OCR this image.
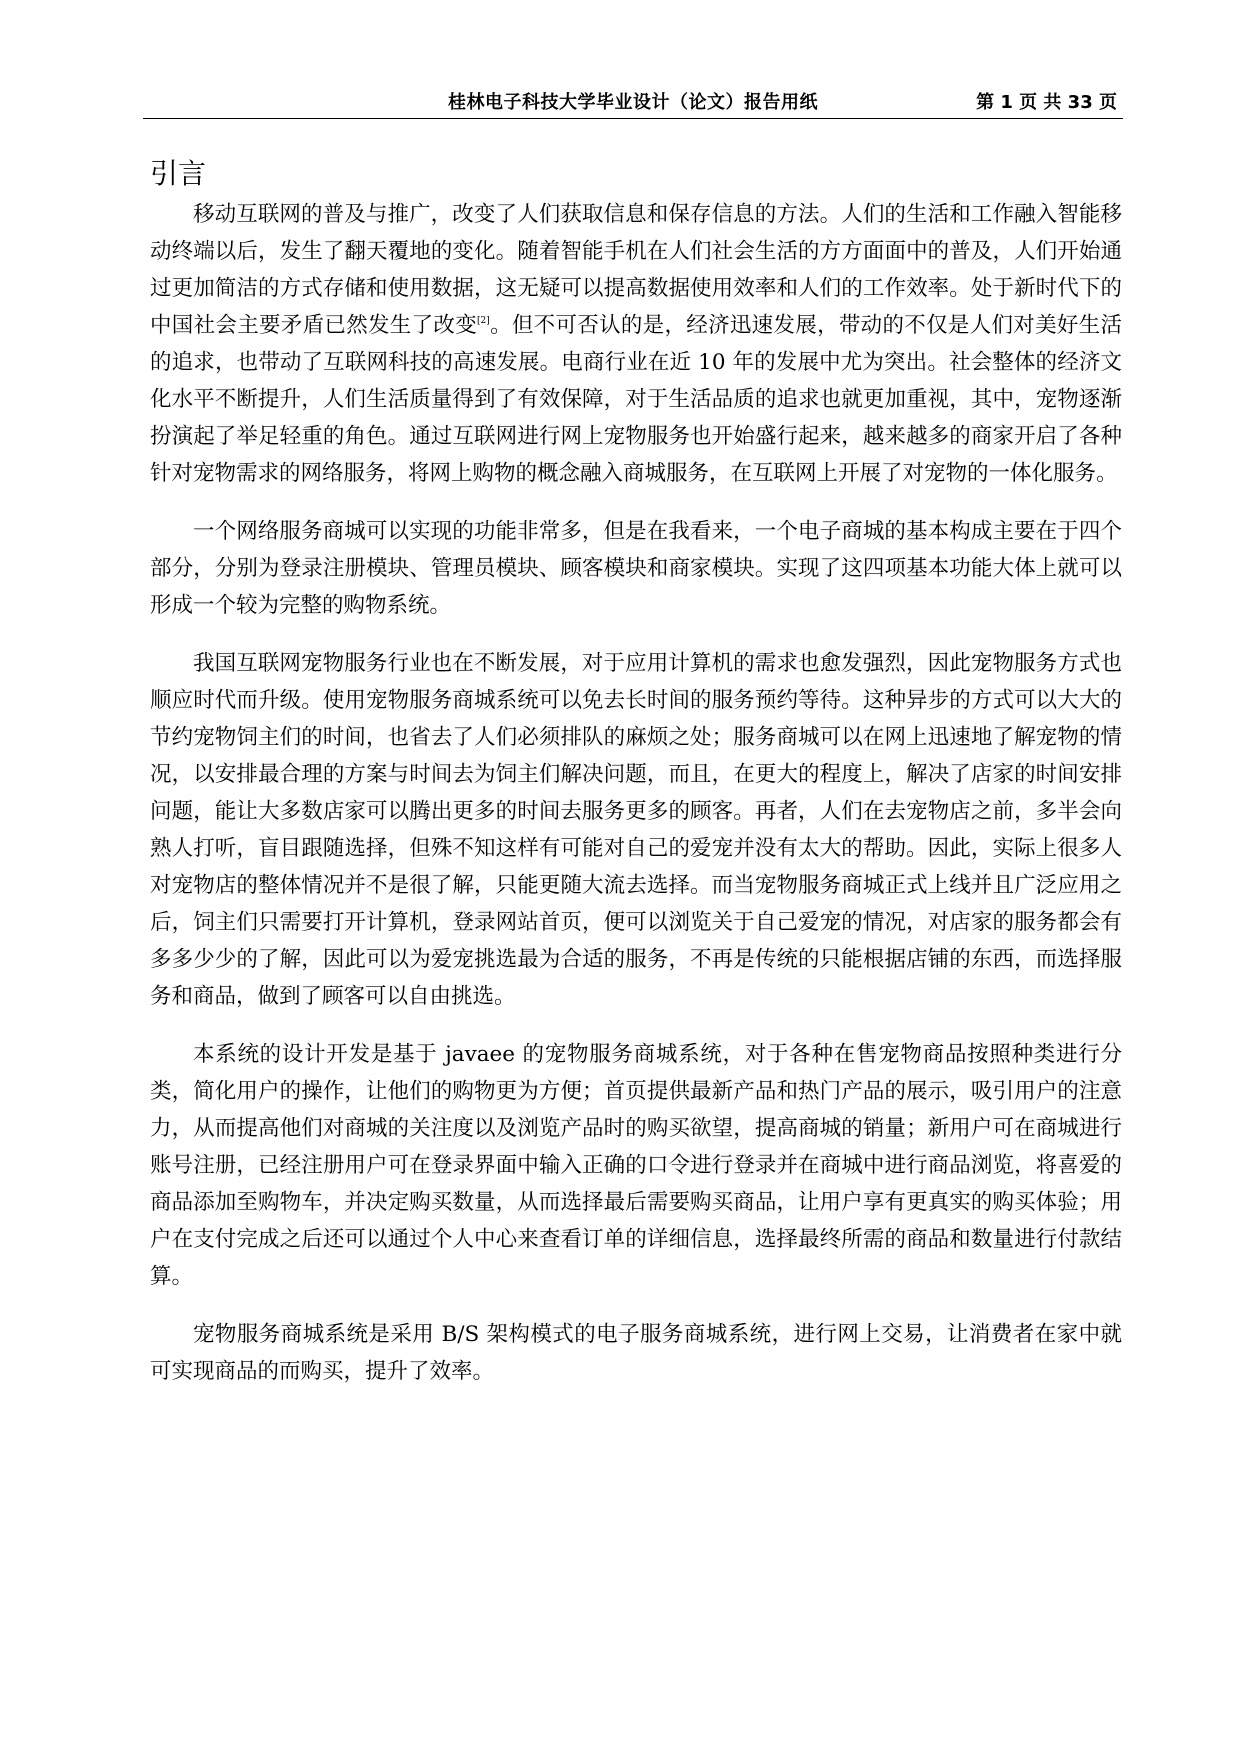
桂林电子科技大学毕业设计（论文）报告用纸	第 1 页 共 33 页
引言

移动互联网的普及与推广，改变了人们获取信息和保存信息的方法。人们的生活和工作融入智能移动终端以后，发生了翻天覆地的变化。随着智能手机在人们社会生活的方方面面中的普及，人们开始通过更加简洁的方式存储和使用数据，这无疑可以提高数据使用效率和人们的工作效率。处于新时代下的中国社会主要矛盾已然发生了改变[2]。但不可否认的是，经济迅速发展，带动的不仅是人们对美好生活的追求，也带动了互联网科技的高速发展。电商行业在近 10 年的发展中尤为突出。社会整体的经济文化水平不断提升，人们生活质量得到了有效保障，对于生活品质的追求也就更加重视，其中，宠物逐渐扮演起了举足轻重的角色。通过互联网进行网上宠物服务也开始盛行起来，越来越多的商家开启了各种针对宠物需求的网络服务，将网上购物的概念融入商城服务，在互联网上开展了对宠物的一体化服务。

一个网络服务商城可以实现的功能非常多，但是在我看来，一个电子商城的基本构成主要在于四个部分，分别为登录注册模块、管理员模块、顾客模块和商家模块。实现了这四项基本功能大体上就可以形成一个较为完整的购物系统。

我国互联网宠物服务行业也在不断发展，对于应用计算机的需求也愈发强烈，因此宠物服务方式也顺应时代而升级。使用宠物服务商城系统可以免去长时间的服务预约等待。这种异步的方式可以大大的节约宠物饲主们的时间，也省去了人们必须排队的麻烦之处；服务商城可以在网上迅速地了解宠物的情况，以安排最合理的方案与时间去为饲主们解决问题，而且，在更大的程度上，解决了店家的时间安排问题，能让大多数店家可以腾出更多的时间去服务更多的顾客。再者，人们在去宠物店之前，多半会向熟人打听，盲目跟随选择，但殊不知这样有可能对自己的爱宠并没有太大的帮助。因此，实际上很多人对宠物店的整体情况并不是很了解，只能更随大流去选择。而当宠物服务商城正式上线并且广泛应用之后，饲主们只需要打开计算机，登录网站首页，便可以浏览关于自己爱宠的情况，对店家的服务都会有多多少少的了解，因此可以为爱宠挑选最为合适的服务，不再是传统的只能根据店铺的东西，而选择服务和商品，做到了顾客可以自由挑选。

本系统的设计开发是基于 javaee 的宠物服务商城系统，对于各种在售宠物商品按照种类进行分类，简化用户的操作，让他们的购物更为方便；首页提供最新产品和热门产品的展示，吸引用户的注意力，从而提高他们对商城的关注度以及浏览产品时的购买欲望，提高商城的销量；新用户可在商城进行账号注册，已经注册用户可在登录界面中输入正确的口令进行登录并在商城中进行商品浏览，将喜爱的商品添加至购物车，并决定购买数量，从而选择最后需要购买商品，让用户享有更真实的购买体验；用户在支付完成之后还可以通过个人中心来查看订单的详细信息，选择最终所需的商品和数量进行付款结算。

宠物服务商城系统是采用 B/S 架构模式的电子服务商城系统，进行网上交易，让消费者在家中就可实现商品的而购买，提升了效率。
